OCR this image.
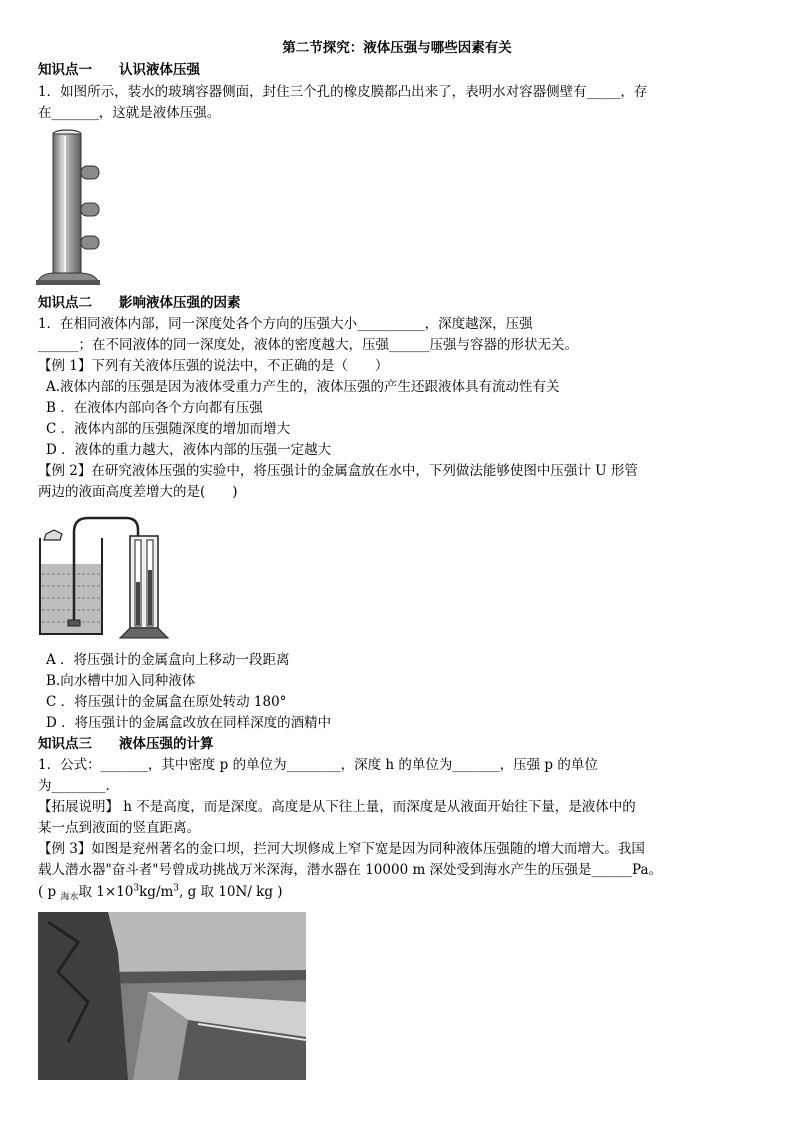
第二节探究：液体压强与哪些因素有关
知识点一　　认识液体压强
1．如图所示，装水的玻璃容器侧面，封住三个孔的橡皮膜都凸出来了，表明水对容器侧壁有_____，存
在_______，这就是液体压强。
知识点二　　影响液体压强的因素
1．在相同液体内部，同一深度处各个方向的压强大小__________，深度越深，压强
______；在不同液体的同一深度处，液体的密度越大，压强______压强与容器的形状无关。
【例 1】下列有关液体压强的说法中，不正确的是（　　）
A.液体内部的压强是因为液体受重力产生的，液体压强的产生还跟液体具有流动性有关
B ．在液体内部向各个方向都有压强
C ．液体内部的压强随深度的增加而增大
D ．液体的重力越大，液体内部的压强一定越大
【例 2】在研究液体压强的实验中，将压强计的金属盒放在水中，下列做法能够使图中压强计 U 形管
两边的液面高度差增大的是(　　)
A ．将压强计的金属盒向上移动一段距离
B.向水槽中加入同种液体
C ．将压强计的金属盒在原处转动 180°
D ．将压强计的金属盒改放在同样深度的酒精中
知识点三　　液体压强的计算
1．公式：_______，其中密度 p 的单位为________，深度 h 的单位为_______，压强 p 的单位
为________.
【拓展说明】 h 不是高度，而是深度。高度是从下往上量，而深度是从液面开始往下量，是液体中的
某一点到液面的竖直距离。
【例 3】如图是兖州著名的金口坝，拦河大坝修成上窄下宽是因为同种液体压强随的增大而增大。我国
载人潜水器"奋斗者"号曾成功挑战万米深海，潜水器在 10000 m 深处受到海水产生的压强是______Pa。
( p $_{海水}$取 $1\times 10^3kg/m^3$, g 取 10N/ kg )
